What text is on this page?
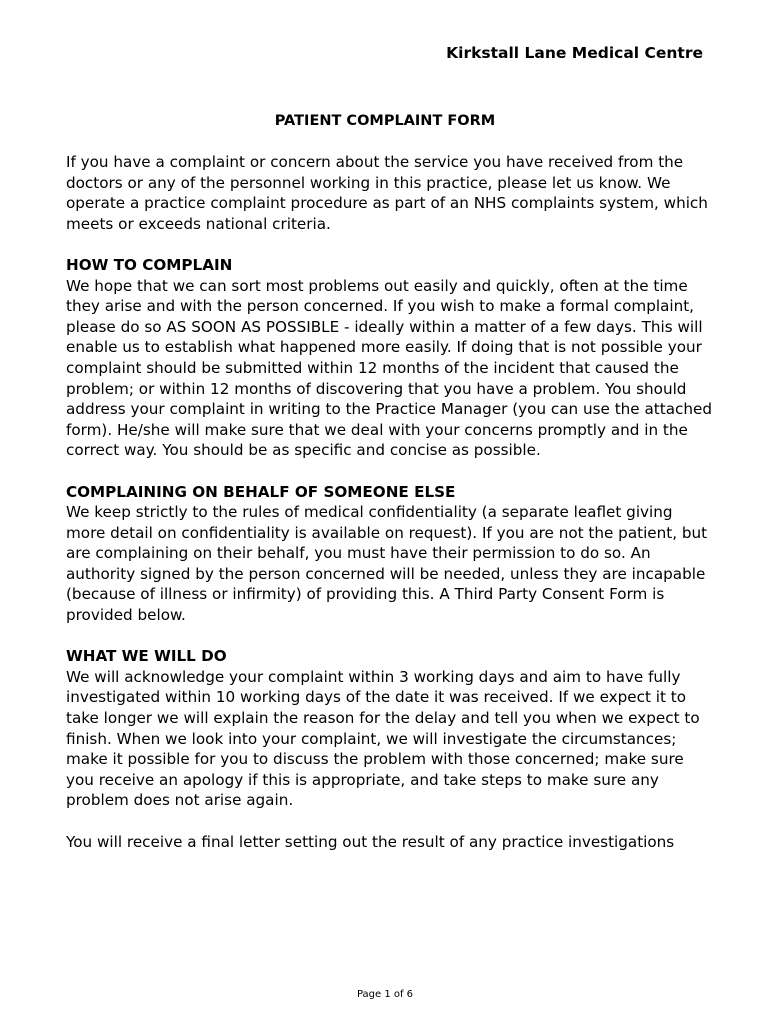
Kirkstall Lane Medical Centre
PATIENT COMPLAINT FORM

If you have a complaint or concern about the service you have received from the doctors or any of the personnel working in this practice, please let us know. We operate a practice complaint procedure as part of an NHS complaints system, which meets or exceeds national criteria.

HOW TO COMPLAIN

We hope that we can sort most problems out easily and quickly, often at the time they arise and with the person concerned. If you wish to make a formal complaint, please do so AS SOON AS POSSIBLE - ideally within a matter of a few days. This will enable us to establish what happened more easily. If doing that is not possible your complaint should be submitted within 12 months of the incident that caused the problem; or within 12 months of discovering that you have a problem. You should address your complaint in writing to the Practice Manager (you can use the attached form). He/she will make sure that we deal with your concerns promptly and in the correct way. You should be as specific and concise as possible.

COMPLAINING ON BEHALF OF SOMEONE ELSE

We keep strictly to the rules of medical confidentiality (a separate leaflet giving more detail on confidentiality is available on request). If you are not the patient, but are complaining on their behalf, you must have their permission to do so. An authority signed by the person concerned will be needed, unless they are incapable (because of illness or infirmity) of providing this. A Third Party Consent Form is provided below.

WHAT WE WILL DO

We will acknowledge your complaint within 3 working days and aim to have fully investigated within 10 working days of the date it was received. If we expect it to take longer we will explain the reason for the delay and tell you when we expect to finish. When we look into your complaint, we will investigate the circumstances; make it possible for you to discuss the problem with those concerned; make sure you receive an apology if this is appropriate, and take steps to make sure any problem does not arise again.

You will receive a final letter setting out the result of any practice investigations

Page 1 of 6
